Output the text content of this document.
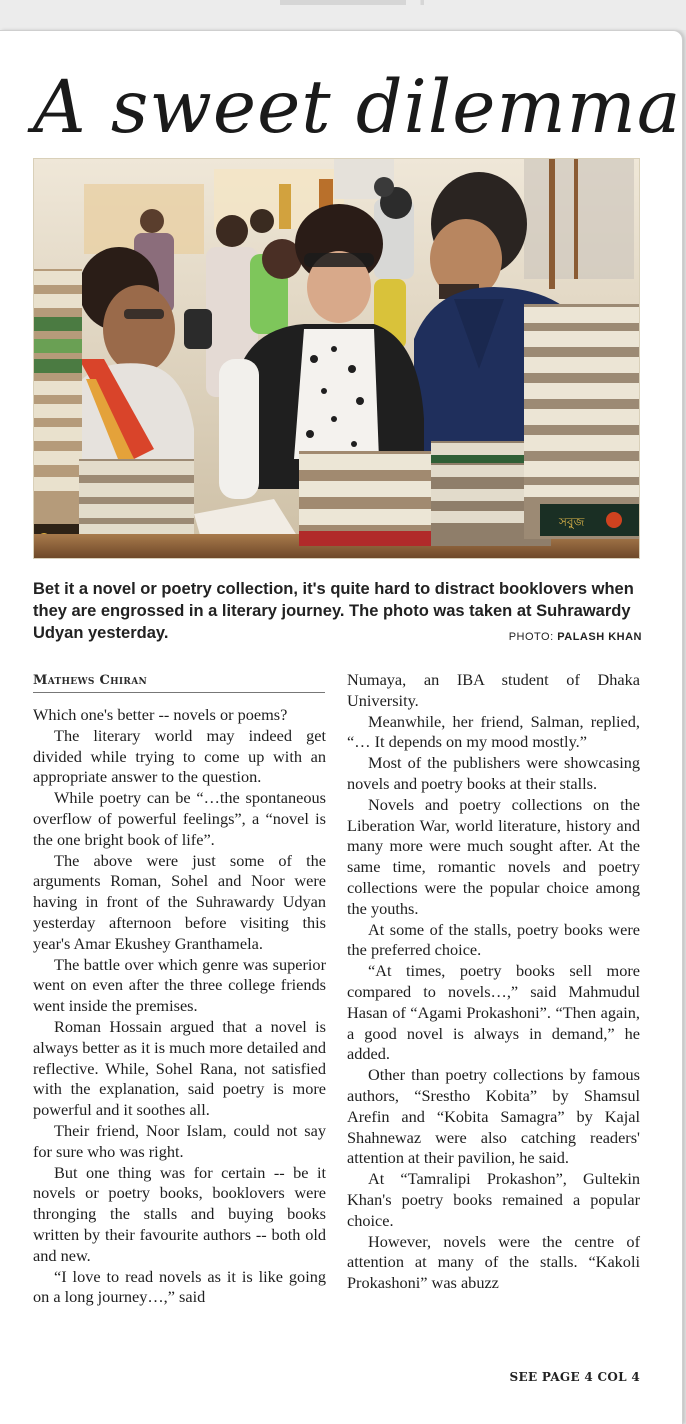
A sweet dilemma
সবুজ
Bet it a novel or poetry collection, it's quite hard to distract booklovers when they are engrossed in a literary journey. The photo was taken at Suhrawardy Udyan yesterday.	PHOTO: PALASH KHAN
Mathews Chiran

Which one's better -- novels or poems?

The literary world may indeed get divided while trying to come up with an appropriate answer to the question.

While poetry can be “…the spontaneous overflow of powerful feelings”, a “novel is the one bright book of life”.

The above were just some of the arguments Roman, Sohel and Noor were having in front of the Suhrawardy Udyan yesterday afternoon before visiting this year's Amar Ekushey Granthamela.

The battle over which genre was superior went on even after the three college friends went inside the premises.

Roman Hossain argued that a novel is always better as it is much more detailed and reflective. While, Sohel Rana, not satisfied with the explanation, said poetry is more powerful and it soothes all.

Their friend, Noor Islam, could not say for sure who was right.

But one thing was for certain -- be it novels or poetry books, booklovers were thronging the stalls and buying books written by their favourite authors -- both old and new.

“I love to read novels as it is like going on a long journey…,” said

Numaya, an IBA student of Dhaka University.

Meanwhile, her friend, Salman, replied, “… It depends on my mood mostly.”

Most of the publishers were showcasing novels and poetry books at their stalls.

Novels and poetry collections on the Liberation War, world literature, history and many more were much sought after. At the same time, romantic novels and poetry collections were the popular choice among the youths.

At some of the stalls, poetry books were the preferred choice.

“At times, poetry books sell more compared to novels…,” said Mahmudul Hasan of “Agami Prokashoni”. “Then again, a good novel is always in demand,” he added.

Other than poetry collections by famous authors, “Srestho Kobita” by Shamsul Arefin and “Kobita Samagra” by Kajal Shahnewaz were also catching readers' attention at their pavilion, he said.

At “Tamralipi Prokashon”, Gultekin Khan's poetry books remained a popular choice.

However, novels were the centre of attention at many of the stalls. “Kakoli Prokashoni” was abuzz

SEE PAGE 4 COL 4
